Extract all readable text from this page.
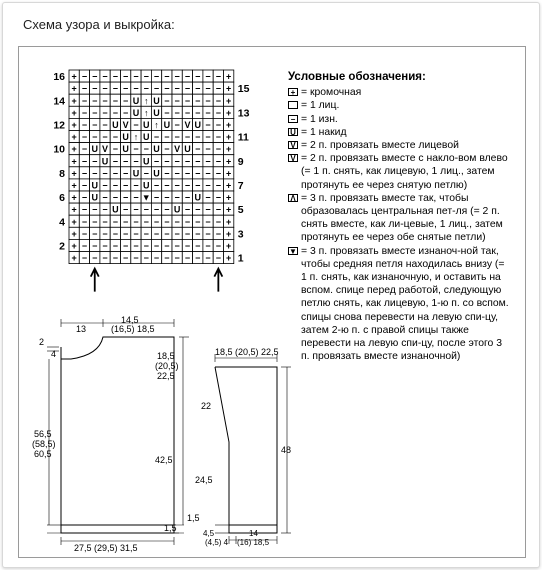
Схема узора и выкройка:
13
14,5
(16,5) 18,5
2
4	18,5
(20,5)
22,5
56,5
(58,5)
60,5
42,5
1,5
27,5 (29,5) 31,5
18,5 (20,5) 22,5
22
48
24,5
1,5
4,5
(4,5) 4
14
(16) 18,5
+ − − − − − − − − − − − − − − +
+ − − − − − − − − − − − − − − +
+ − − − − − U ↑ U − − − − − − +
+ − − − − − U ↑ U − − − − − − +
+ − − − U V − U ↑ U − V U − − +
+ − − − − U ↑ U − − − − − − − +
+ − U V − U − − U − V U − − − +
+ − − U − − − U − − − − − − − +
+ − − − − − U − U − − − − − − +
+ − U − − − − U − − − − − − − +
+ − U − − − − ▼ − − − − U − − +
+ − − − U − − − − − U − − − − +
+ − − − − − − − − − − − − − − +
+ − − − − − − − − − − − − − − +
+ − − − − − − − − − − − − − − +
+ − − − − − − − − − − − − − − +
16
14
12
10
8
6
4
2
15
13
11
9
7
5
3
1
Условные обозначения:
+ = кромочная
= 1 лиц.
− = 1 изн.
U = 1 накид
V = 2 п. провязать вместе лицевой
V = 2 п. провязать вместе с накло-вом влево (= 1 п. снять, как лицевую, 1 лиц., затем протянуть ее через снятую петлю)
Λ = 3 п. провязать вместе так, чтобы образовалась центральная пет-ля (= 2 п. снять вместе, как ли-цевые, 1 лиц., затем протянуть ее через обе снятые петли)
▼ = 3 п. провязать вместе изнаноч-ной так, чтобы средняя петля находилась внизу (= 1 п. снять, как изнаночную, и оставить на вспом. спице перед работой, следующую петлю снять, как лицевую, 1-ю п. со вспом. спицы снова перевести на левую спи-цу, затем 2-ю п. с правой спицы также перевести на левую спи-цу, после этого 3 п. провязать вместе изнаночной)
